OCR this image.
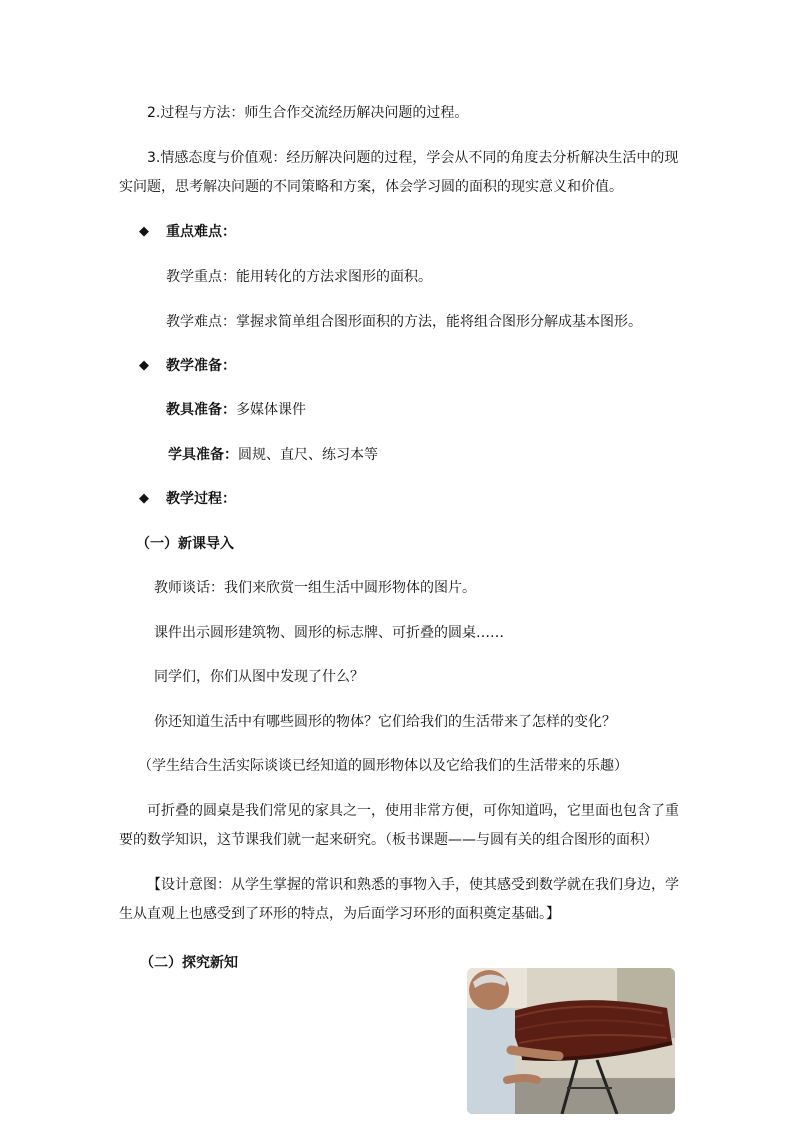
2.过程与方法：师生合作交流经历解决问题的过程。
3.情感态度与价值观：经历解决问题的过程，学会从不同的角度去分析解决生活中的现
实问题，思考解决问题的不同策略和方案，体会学习圆的面积的现实意义和价值。
◆ 重点难点：
教学重点：能用转化的方法求图形的面积。
教学难点：掌握求简单组合图形面积的方法，能将组合图形分解成基本图形。
◆ 教学准备：
教具准备：多媒体课件
学具准备：圆规、直尺、练习本等
◆ 教学过程：
（一）新课导入
教师谈话：我们来欣赏一组生活中圆形物体的图片。
课件出示圆形建筑物、圆形的标志牌、可折叠的圆桌……
同学们，你们从图中发现了什么？
你还知道生活中有哪些圆形的物体？它们给我们的生活带来了怎样的变化？
（学生结合生活实际谈谈已经知道的圆形物体以及它给我们的生活带来的乐趣）
可折叠的圆桌是我们常见的家具之一，使用非常方便，可你知道吗，它里面也包含了重
要的数学知识，这节课我们就一起来研究。（板书课题——与圆有关的组合图形的面积）
【设计意图：从学生掌握的常识和熟悉的事物入手，使其感受到数学就在我们身边，学
生从直观上也感受到了环形的特点，为后面学习环形的面积奠定基础。】
（二）探究新知
